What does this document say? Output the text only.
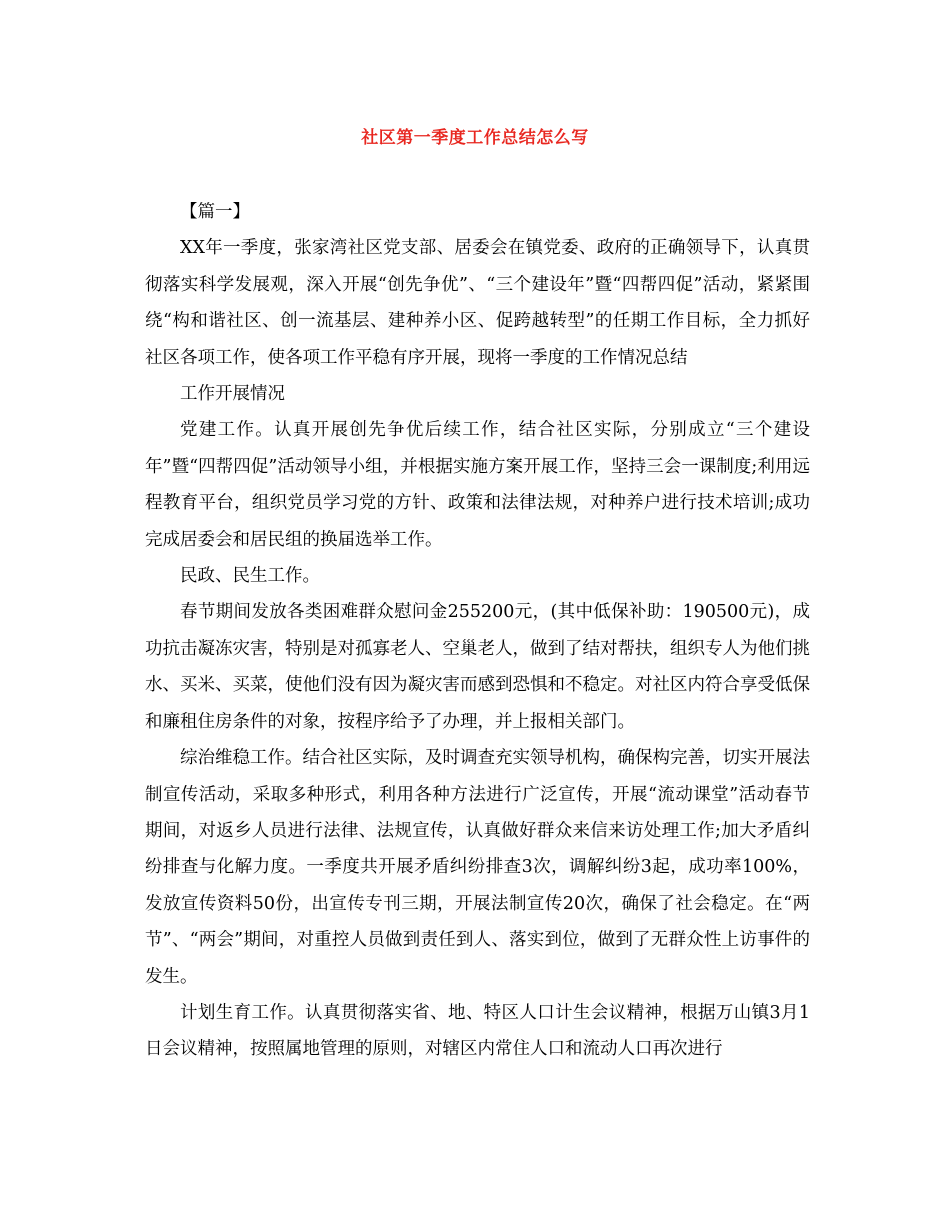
社区第一季度工作总结怎么写

【篇一】

XX年一季度，张家湾社区党支部、居委会在镇党委、政府的正确领导下，认真贯彻落实科学发展观，深入开展“创先争优”、“三个建设年”暨“四帮四促”活动，紧紧围绕“构和谐社区、创一流基层、建种养小区、促跨越转型”的任期工作目标，全力抓好社区各项工作，使各项工作平稳有序开展，现将一季度的工作情况总结

工作开展情况

党建工作。认真开展创先争优后续工作，结合社区实际，分别成立“三个建设年”暨“四帮四促”活动领导小组，并根据实施方案开展工作，坚持三会一课制度;利用远程教育平台，组织党员学习党的方针、政策和法律法规，对种养户进行技术培训;成功完成居委会和居民组的换届选举工作。

民政、民生工作。

春节期间发放各类困难群众慰问金255200元，(其中低保补助：190500元)，成功抗击凝冻灾害，特别是对孤寡老人、空巢老人，做到了结对帮扶，组织专人为他们挑水、买米、买菜，使他们没有因为凝灾害而感到恐惧和不稳定。对社区内符合享受低保和廉租住房条件的对象，按程序给予了办理，并上报相关部门。

综治维稳工作。结合社区实际，及时调查充实领导机构，确保构完善，切实开展法制宣传活动，采取多种形式，利用各种方法进行广泛宣传，开展“流动课堂”活动春节期间，对返乡人员进行法律、法规宣传，认真做好群众来信来访处理工作;加大矛盾纠纷排查与化解力度。一季度共开展矛盾纠纷排查3次，调解纠纷3起，成功率100%，发放宣传资料50份，出宣传专刊三期，开展法制宣传20次，确保了社会稳定。在“两节”、“两会”期间，对重控人员做到责任到人、落实到位，做到了无群众性上访事件的发生。

计划生育工作。认真贯彻落实省、地、特区人口计生会议精神，根据万山镇3月1日会议精神，按照属地管理的原则，对辖区内常住人口和流动人口再次进行
